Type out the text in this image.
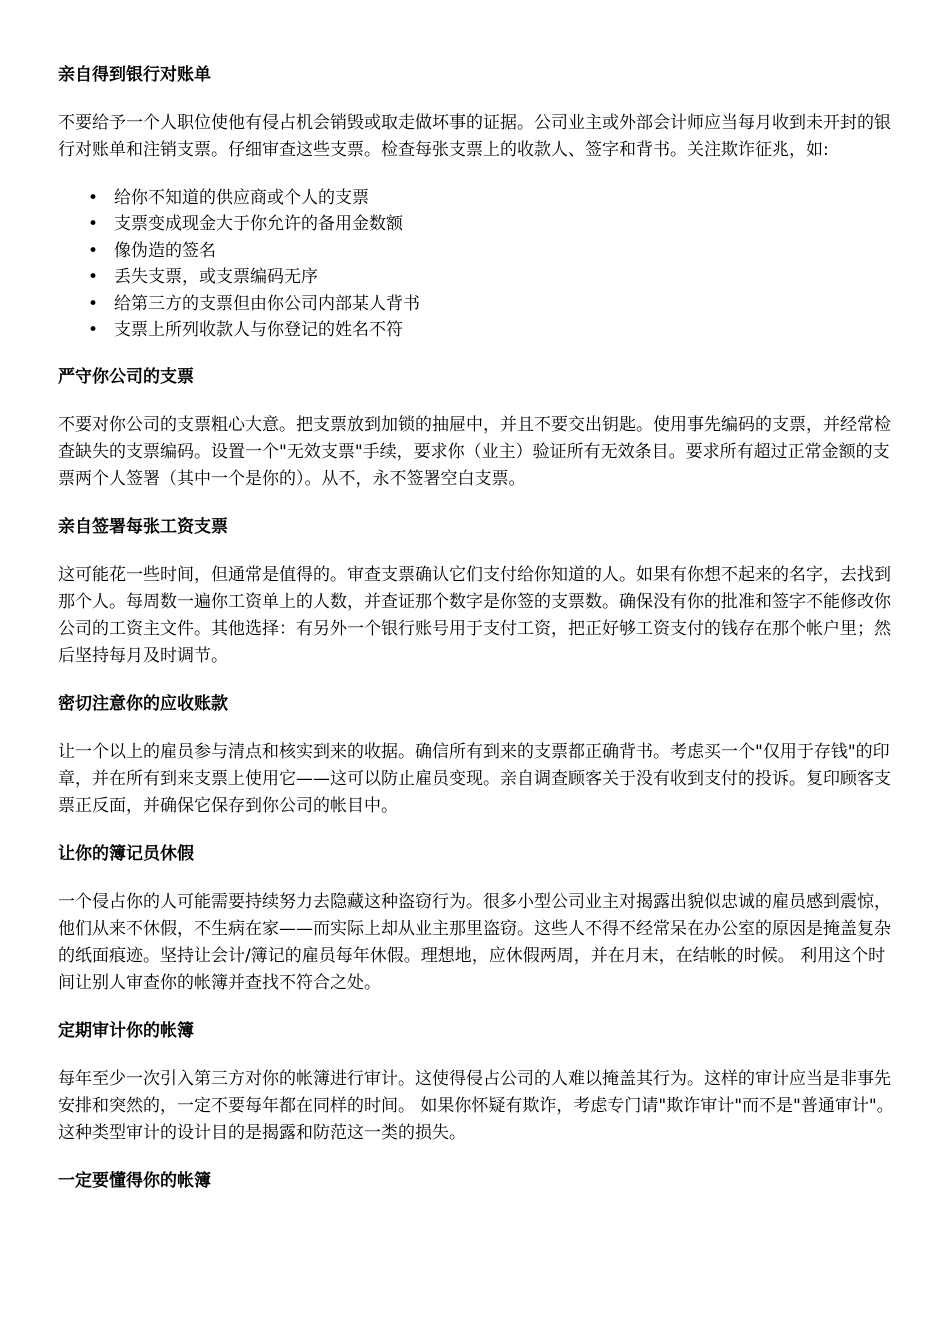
亲自得到银行对账单

不要给予一个人职位使他有侵占机会销毁或取走做坏事的证据。公司业主或外部会计师应当每月收到未开封的银行对账单和注销支票。仔细审查这些支票。检查每张支票上的收款人、签字和背书。关注欺诈征兆，如:

• 给你不知道的供应商或个人的支票
• 支票变成现金大于你允许的备用金数额
• 像伪造的签名
• 丢失支票，或支票编码无序
• 给第三方的支票但由你公司内部某人背书
• 支票上所列收款人与你登记的姓名不符
严守你公司的支票

不要对你公司的支票粗心大意。把支票放到加锁的抽屉中，并且不要交出钥匙。使用事先编码的支票，并经常检查缺失的支票编码。设置一个"无效支票"手续，要求你（业主）验证所有无效条目。要求所有超过正常金额的支票两个人签署（其中一个是你的）。从不，永不签署空白支票。

亲自签署每张工资支票

这可能花一些时间，但通常是值得的。审查支票确认它们支付给你知道的人。如果有你想不起来的名字，去找到那个人。每周数一遍你工资单上的人数，并查证那个数字是你签的支票数。确保没有你的批准和签字不能修改你公司的工资主文件。其他选择：有另外一个银行账号用于支付工资，把正好够工资支付的钱存在那个帐户里；然后坚持每月及时调节。

密切注意你的应收账款

让一个以上的雇员参与清点和核实到来的收据。确信所有到来的支票都正确背书。考虑买一个"仅用于存钱"的印章，并在所有到来支票上使用它——这可以防止雇员变现。亲自调查顾客关于没有收到支付的投诉。复印顾客支票正反面，并确保它保存到你公司的帐目中。

让你的簿记员休假

一个侵占你的人可能需要持续努力去隐藏这种盗窃行为。很多小型公司业主对揭露出貌似忠诚的雇员感到震惊，他们从来不休假，不生病在家——而实际上却从业主那里盗窃。这些人不得不经常呆在办公室的原因是掩盖复杂的纸面痕迹。坚持让会计/簿记的雇员每年休假。理想地，应休假两周，并在月末，在结帐的时候。 利用这个时间让别人审查你的帐簿并查找不符合之处。

定期审计你的帐簿

每年至少一次引入第三方对你的帐簿进行审计。这使得侵占公司的人难以掩盖其行为。这样的审计应当是非事先安排和突然的，一定不要每年都在同样的时间。 如果你怀疑有欺诈，考虑专门请"欺诈审计"而不是"普通审计"。 这种类型审计的设计目的是揭露和防范这一类的损失。

一定要懂得你的帐簿
